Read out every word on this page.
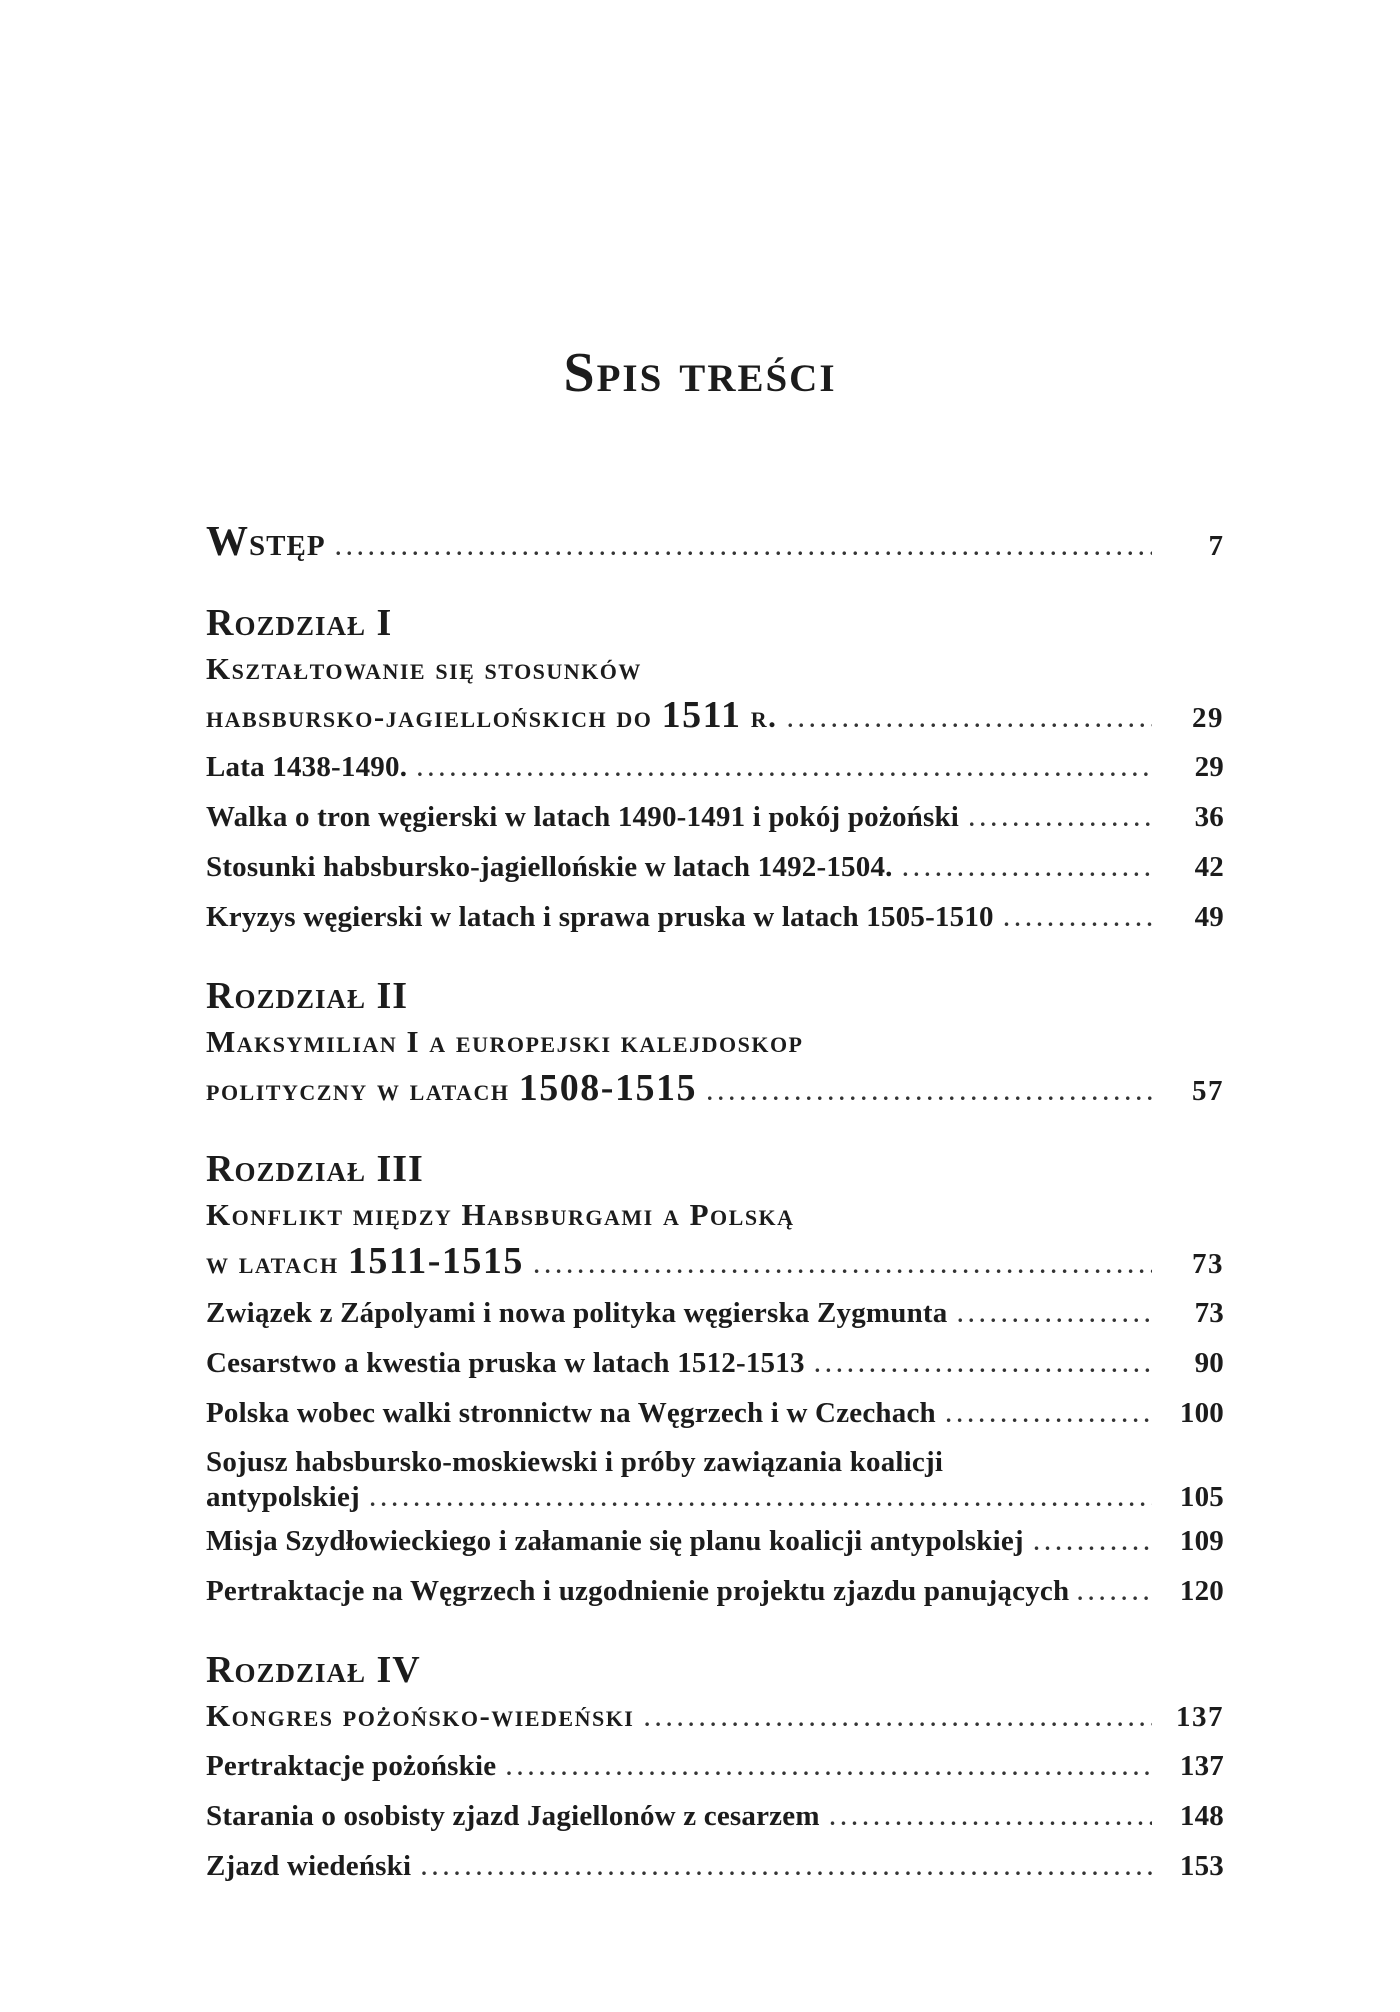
Spis treści
Wstęp . . .	7
Rozdział I
Kształtowanie się stosunków
habsbursko-jagiellońskich do 1511 r. . . .	29
Lata 1438-1490. . . .	29
Walka o tron węgierski w latach 1490-1491 i pokój pożoński . . .	36
Stosunki habsbursko-jagiellońskie w latach 1492-1504. . . .	42
Kryzys węgierski w latach i sprawa pruska w latach 1505-1510 . . .	49
Rozdział II
Maksymilian I a europejski kalejdoskop
polityczny w latach 1508-1515 . . .	57
Rozdział III
Konflikt między Habsburgami a Polską
w latach 1511-1515 . . .	73
Związek z Zápolyami i nowa polityka węgierska Zygmunta . . .	73
Cesarstwo a kwestia pruska w latach 1512-1513 . . .	90
Polska wobec walki stronnictw na Węgrzech i w Czechach . . .	100
Sojusz habsbursko-moskiewski i próby zawiązania koalicji
antypolskiej . . .	105
Misja Szydłowieckiego i załamanie się planu koalicji antypolskiej . . .	109
Pertraktacje na Węgrzech i uzgodnienie projektu zjazdu panujących . . .	120
Rozdział IV
Kongres pożońsko-wiedeński . . .	137
Pertraktacje pożońskie . . .	137
Starania o osobisty zjazd Jagiellonów z cesarzem . . .	148
Zjazd wiedeński . . .	153
